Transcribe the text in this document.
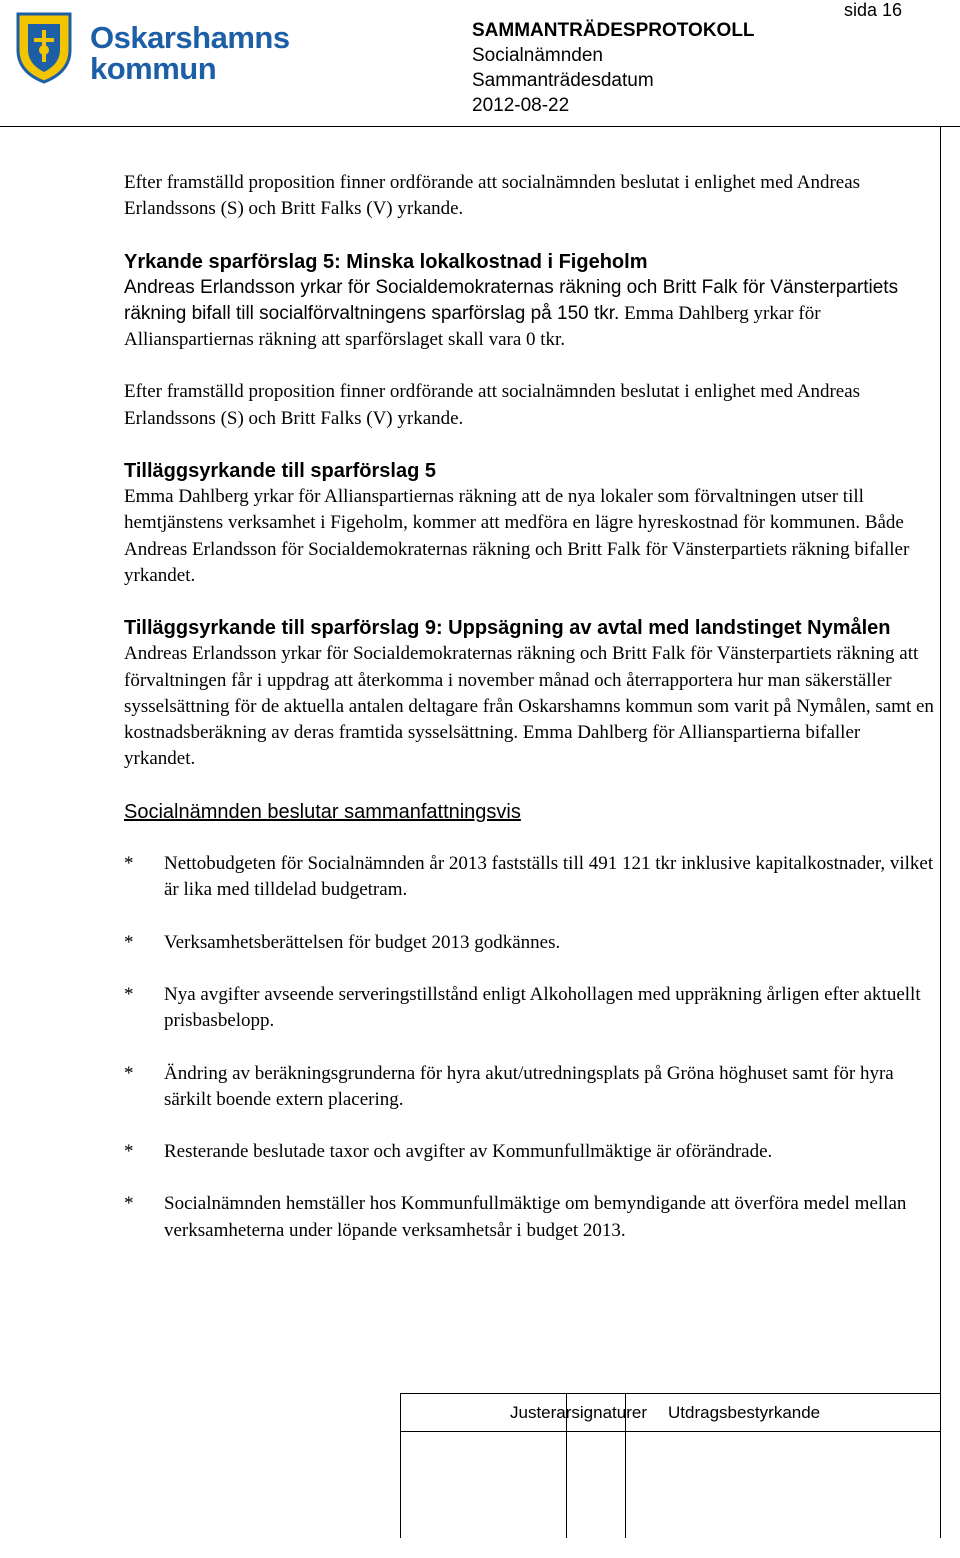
Oskarshamns
kommun
SAMMANTRÄDESPROTOKOLL
Socialnämnden
Sammanträdesdatum
2012-08-22
sida 16

Efter framställd proposition finner ordförande att socialnämnden beslutat i enlighet med Andreas Erlandssons (S) och Britt Falks (V) yrkande.

Yrkande sparförslag 5: Minska lokalkostnad i Figeholm

Andreas Erlandsson yrkar för Socialdemokraternas räkning och Britt Falk för Vänsterpartiets räkning bifall till socialförvaltningens sparförslag på 150 tkr. Emma Dahlberg yrkar för Allianspartiernas räkning att sparförslaget skall vara 0 tkr.

Efter framställd proposition finner ordförande att socialnämnden beslutat i enlighet med Andreas Erlandssons (S) och Britt Falks (V) yrkande.

Tilläggsyrkande till sparförslag 5

Emma Dahlberg yrkar för Allianspartiernas räkning att de nya lokaler som förvaltningen utser till hemtjänstens verksamhet i Figeholm, kommer att medföra en lägre hyreskostnad för kommunen. Både Andreas Erlandsson för Socialdemokraternas räkning och Britt Falk för Vänsterpartiets räkning bifaller yrkandet.

Tilläggsyrkande till sparförslag 9: Uppsägning av avtal med landstinget Nymålen

Andreas Erlandsson yrkar för Socialdemokraternas räkning och Britt Falk för Vänsterpartiets räkning att förvaltningen får i uppdrag att återkomma i november månad och återrapportera hur man säkerställer sysselsättning för de aktuella antalen deltagare från Oskarshamns kommun som varit på Nymålen, samt en kostnadsberäkning av deras framtida sysselsättning. Emma Dahlberg för Allianspartierna bifaller yrkandet.

Socialnämnden beslutar sammanfattningsvis

* Nettobudgeten för Socialnämnden år 2013 fastställs till 491 121 tkr inklusive kapitalkostnader, vilket är lika med tilldelad budgetram.

* Verksamhetsberättelsen för budget 2013 godkännes.

* Nya avgifter avseende serveringstillstånd enligt Alkohollagen med uppräkning årligen efter aktuellt prisbasbelopp.

* Ändring av beräkningsgrunderna för hyra akut/utredningsplats på Gröna höghuset samt för hyra särkilt boende extern placering.

* Resterande beslutade taxor och avgifter av Kommunfullmäktige är oförändrade.

* Socialnämnden hemställer hos Kommunfullmäktige om bemyndigande att överföra medel mellan verksamheterna under löpande verksamhetsår i budget 2013.

Justerarsignaturer Utdragsbestyrkande
